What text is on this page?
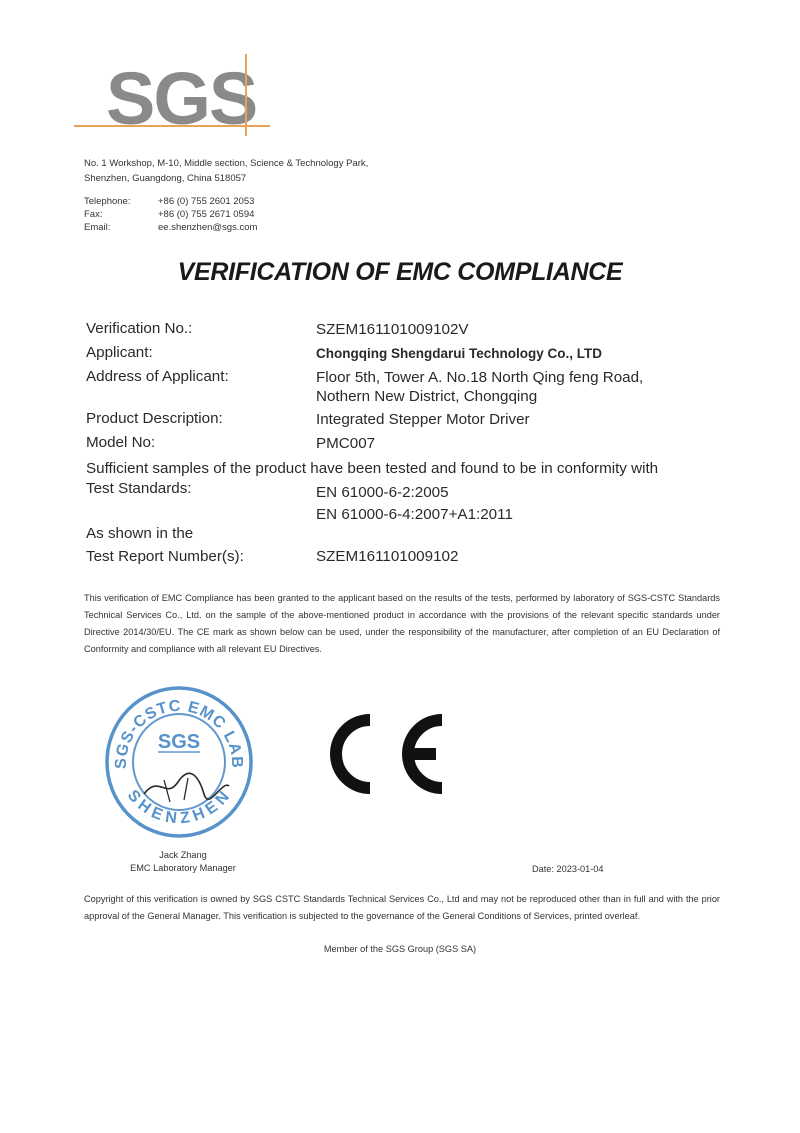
SGS
No. 1 Workshop, M-10, Middle section, Science & Technology Park,
Shenzhen, Guangdong, China 518057
Telephone:	+86 (0) 755 2601 2053
Fax:	+86 (0) 755 2671 0594
Email:	ee.shenzhen@sgs.com
VERIFICATION OF EMC COMPLIANCE
Verification No.:	SZEM161101009102V
Applicant:	Chongqing Shengdarui Technology Co., LTD
Address of Applicant:	Floor 5th, Tower A. No.18 North Qing feng Road,
Nothern New District, Chongqing
Product Description:	Integrated Stepper Motor Driver
Model No:	PMC007
Sufficient samples of the product have been tested and found to be in conformity with
Test Standards:	EN 61000-6-2:2005
EN 61000-6-4:2007+A1:2011
As shown in the
Test Report Number(s):	SZEM161101009102
This verification of EMC Compliance has been granted to the applicant based on the results of the tests, performed by laboratory of SGS-CSTC Standards Technical Services Co., Ltd. on the sample of the above-mentioned product in accordance with the provisions of the relevant specific standards under Directive 2014/30/EU. The CE mark as shown below can be used, under the responsibility of the manufacturer, after completion of an EU Declaration of Conformity and compliance with all relevant EU Directives.
SGS-CSTC EMC LAB
SHENZHEN
SGS
Jack Zhang
EMC Laboratory Manager	Date: 2023-01-04
Copyright of this verification is owned by SGS CSTC Standards Technical Services Co., Ltd and may not be reproduced other than in full and with the prior approval of the General Manager. This verification is subjected to the governance of the General Conditions of Services, printed overleaf.
Member of the SGS Group (SGS SA)
